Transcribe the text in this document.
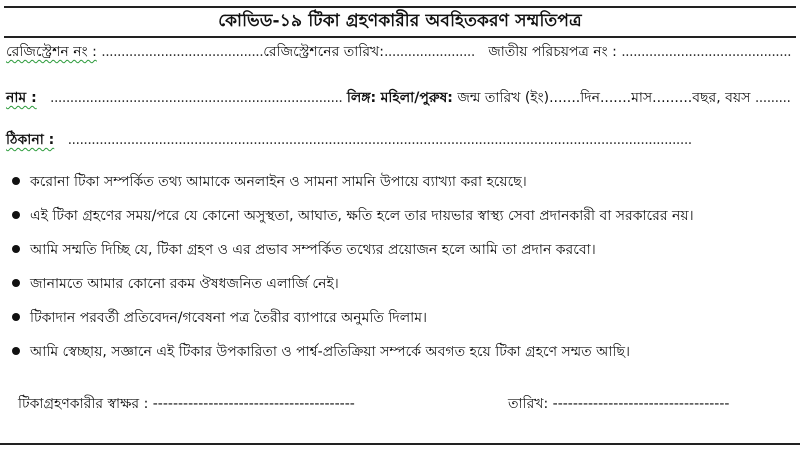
কোভিড-১৯ টিকা গ্রহণকারীর অবহিতকরণ সম্মতিপত্র
রেজিস্ট্রেশন নং : .........................................রেজিস্ট্রেশনের তারিখ:....................... জাতীয় পরিচয়পত্র নং : ...........................................
নাম : .......................................................................... লিঙ্গ: মহিলা/পুরুষ: জন্ম তারিখ (ইং).......দিন.......মাস.........বছর, বয়স .........
ঠিকানা : ..............................................................................................................................................................
করোনা টিকা সম্পর্কিত তথ্য আমাকে অনলাইন ও সামনা সামনি উপায়ে ব্যাখ্যা করা হয়েছে।
এই টিকা গ্রহণের সময়/পরে যে কোনো অসুস্থতা, আঘাত, ক্ষতি হলে তার দায়ভার স্বাস্থ্য সেবা প্রদানকারী বা সরকারের নয়।
আমি সম্মতি দিচ্ছি যে, টিকা গ্রহণ ও এর প্রভাব সম্পর্কিত তথ্যের প্রয়োজন হলে আমি তা প্রদান করবো।
জানামতে আমার কোনো রকম ঔষধজনিত এলার্জি নেই।
টিকাদান পরবর্তী প্রতিবেদন/গবেষনা পত্র তৈরীর ব্যাপারে অনুমতি দিলাম।
আমি স্বেচ্ছায়, সজ্ঞানে এই টিকার উপকারিতা ও পার্শ্ব-প্রতিক্রিয়া সম্পর্কে অবগত হয়ে টিকা গ্রহণে সম্মত আছি।
টিকাগ্রহণকারীর স্বাক্ষর : ----------------------------------------	তারিখ: -----------------------------------
